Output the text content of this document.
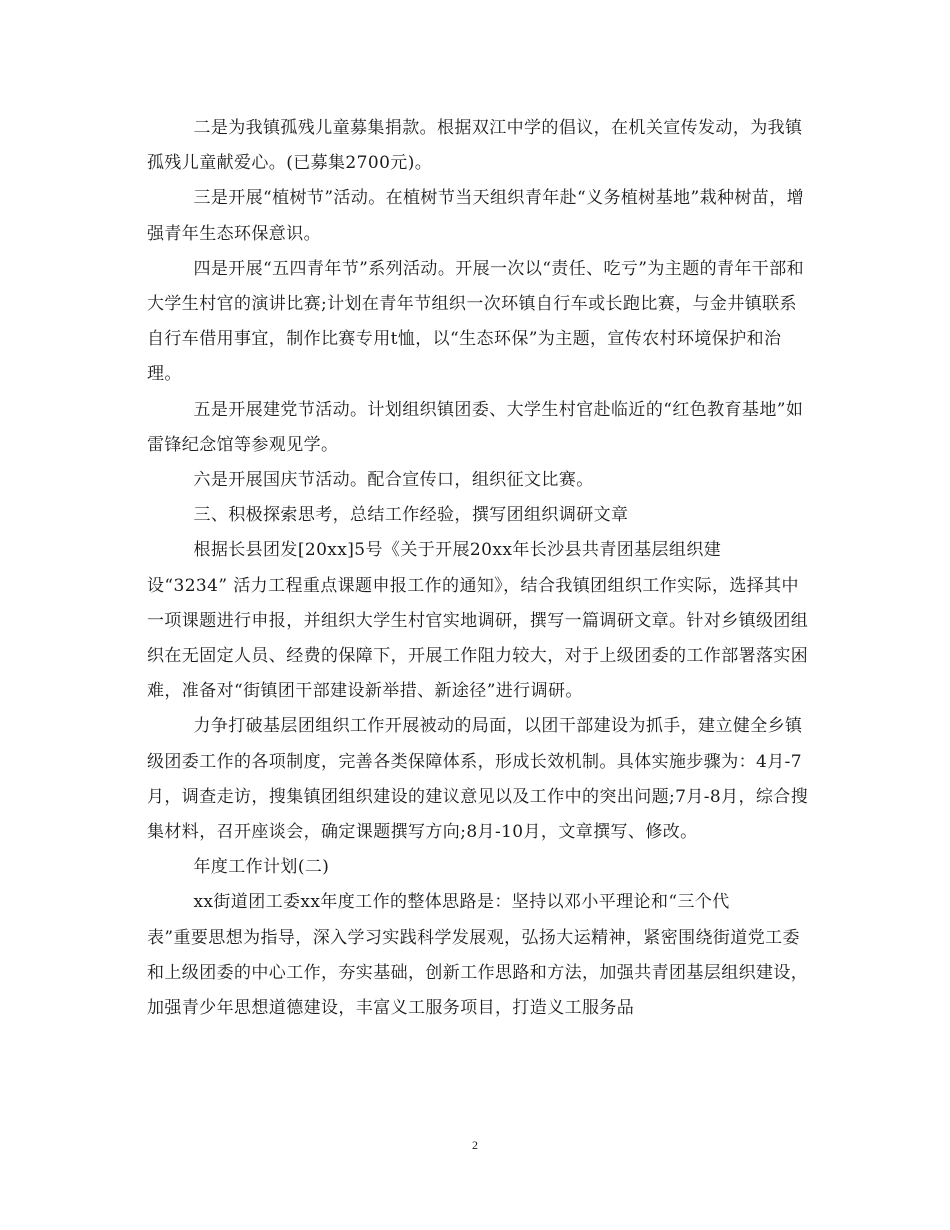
二是为我镇孤残儿童募集捐款。根据双江中学的倡议，在机关宣传发动，为我镇孤残儿童献爱心。(已募集2700元)。

三是开展“植树节”活动。在植树节当天组织青年赴“义务植树基地”栽种树苗，增强青年生态环保意识。

四是开展“五四青年节”系列活动。开展一次以“责任、吃亏”为主题的青年干部和大学生村官的演讲比赛;计划在青年节组织一次环镇自行车或长跑比赛，与金井镇联系自行车借用事宜，制作比赛专用t恤，以“生态环保”为主题，宣传农村环境保护和治理。

五是开展建党节活动。计划组织镇团委、大学生村官赴临近的“红色教育基地”如雷锋纪念馆等参观见学。

六是开展国庆节活动。配合宣传口，组织征文比赛。

三、积极探索思考，总结工作经验，撰写团组织调研文章

根据长县团发[20xx]5号《关于开展20xx年长沙县共青团基层组织建
设“3234” 活力工程重点课题申报工作的通知》，结合我镇团组织工作实际，选择其中一项课题进行申报，并组织大学生村官实地调研，撰写一篇调研文章。针对乡镇级团组织在无固定人员、经费的保障下，开展工作阻力较大，对于上级团委的工作部署落实困难，准备对“街镇团干部建设新举措、新途径”进行调研。

力争打破基层团组织工作开展被动的局面，以团干部建设为抓手，建立健全乡镇级团委工作的各项制度，完善各类保障体系，形成长效机制。具体实施步骤为：4月-7月，调查走访，搜集镇团组织建设的建议意见以及工作中的突出问题;7月-8月，综合搜集材料，召开座谈会，确定课题撰写方向;8月-10月，文章撰写、修改。

年度工作计划(二)

xx街道团工委xx年度工作的整体思路是：坚持以邓小平理论和“三个代
表”重要思想为指导，深入学习实践科学发展观，弘扬大运精神，紧密围绕街道党工委和上级团委的中心工作，夯实基础，创新工作思路和方法，加强共青团基层组织建设，加强青少年思想道德建设，丰富义工服务项目，打造义工服务品

2
